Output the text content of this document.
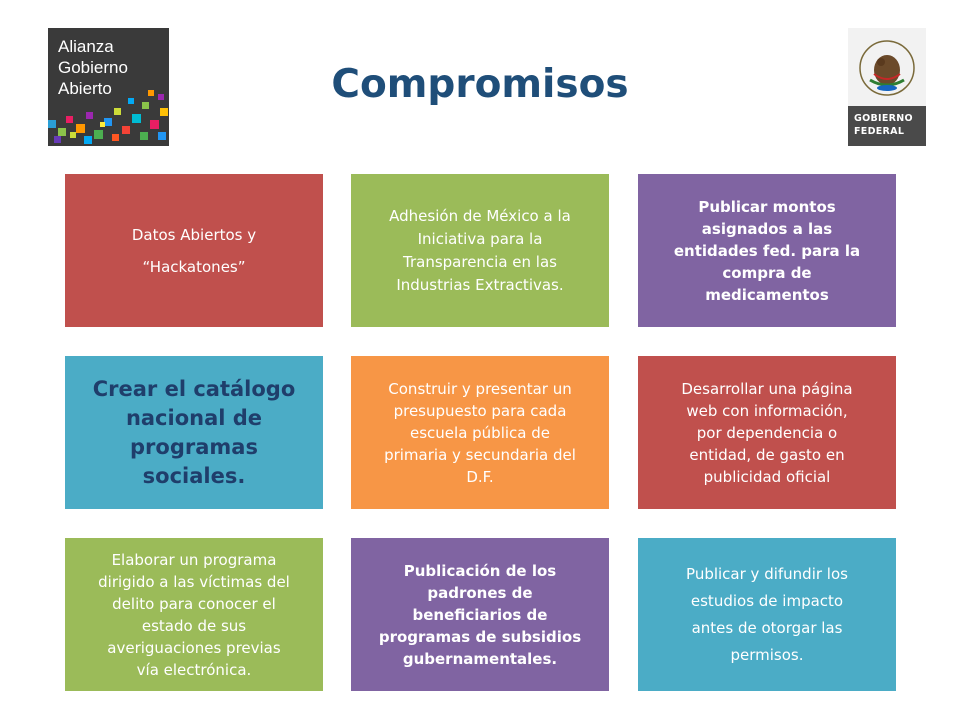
Alianza
Gobierno
Abierto
GOBIERNO
FEDERAL
Compromisos
Datos Abiertos y
“Hackatones”
Adhesión de México a la
Iniciativa para la
Transparencia en las
Industrias Extractivas.
Publicar montos
asignados a las
entidades fed. para la
compra de
medicamentos
Crear el catálogo
nacional de
programas
sociales.
Construir y presentar un
presupuesto para cada
escuela pública de
primaria y secundaria del
D.F.
Desarrollar una página
web con información,
por dependencia o
entidad, de gasto en
publicidad oficial
Elaborar un programa
dirigido a las víctimas del
delito para conocer el
estado de sus
averiguaciones previas
vía electrónica.
Publicación de los
padrones de
beneficiarios de
programas de subsidios
gubernamentales.
Publicar y difundir los
estudios de impacto
antes de otorgar las
permisos.
